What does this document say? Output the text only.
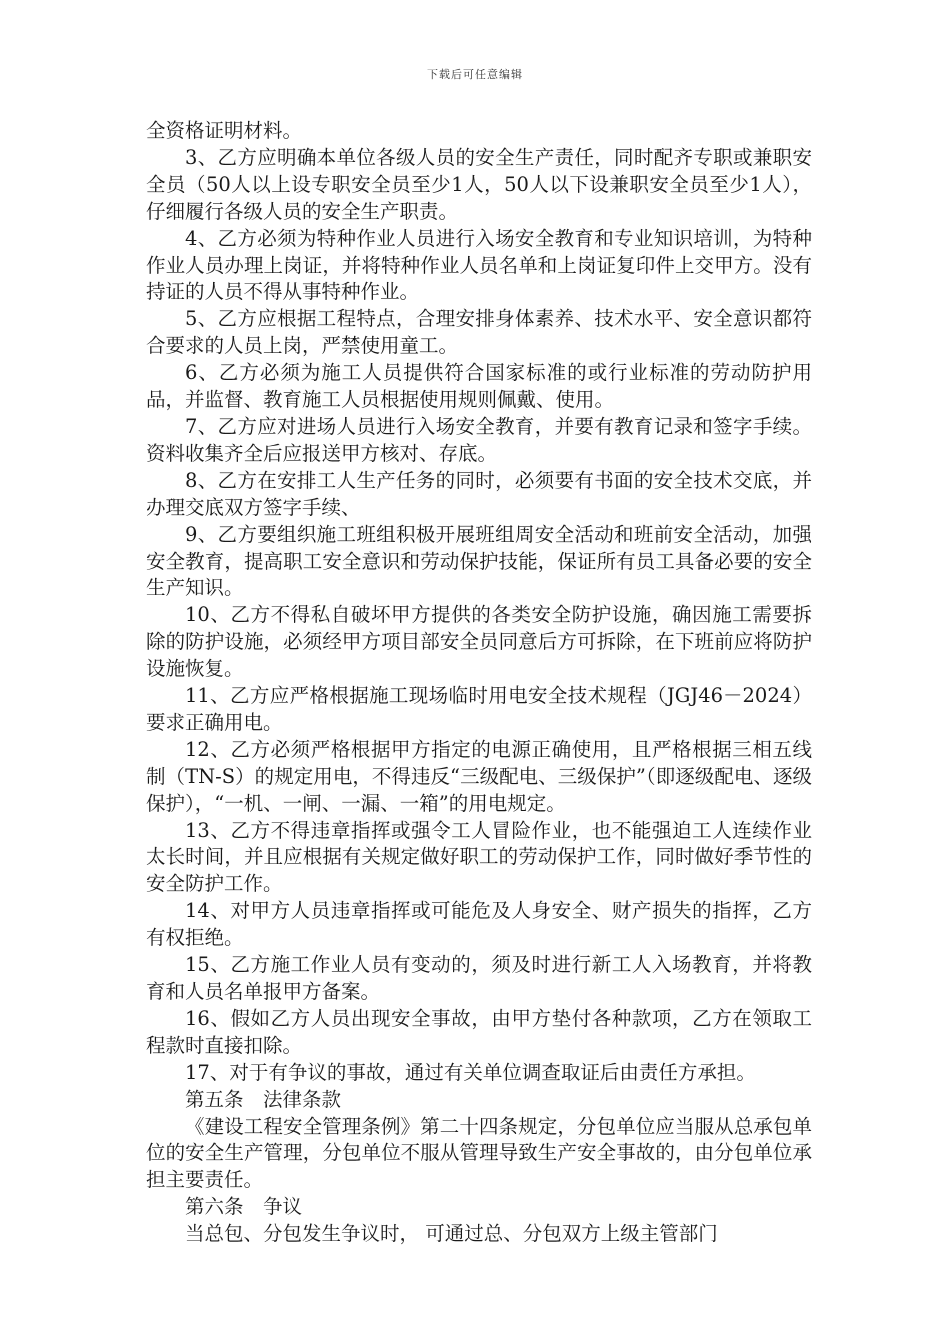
下载后可任意编辑

全资格证明材料。

3、乙方应明确本单位各级人员的安全生产责任，同时配齐专职或兼职安全员（50人以上设专职安全员至少1人，50人以下设兼职安全员至少1人），仔细履行各级人员的安全生产职责。

4、乙方必须为特种作业人员进行入场安全教育和专业知识培训，为特种作业人员办理上岗证，并将特种作业人员名单和上岗证复印件上交甲方。没有持证的人员不得从事特种作业。

5、乙方应根据工程特点，合理安排身体素养、技术水平、安全意识都符合要求的人员上岗，严禁使用童工。

6、乙方必须为施工人员提供符合国家标准的或行业标准的劳动防护用品，并监督、教育施工人员根据使用规则佩戴、使用。

7、乙方应对进场人员进行入场安全教育，并要有教育记录和签字手续。资料收集齐全后应报送甲方核对、存底。

8、乙方在安排工人生产任务的同时，必须要有书面的安全技术交底，并办理交底双方签字手续、

9、乙方要组织施工班组积极开展班组周安全活动和班前安全活动，加强安全教育，提高职工安全意识和劳动保护技能，保证所有员工具备必要的安全生产知识。

10、乙方不得私自破坏甲方提供的各类安全防护设施，确因施工需要拆除的防护设施，必须经甲方项目部安全员同意后方可拆除，在下班前应将防护设施恢复。

11、乙方应严格根据施工现场临时用电安全技术规程（JGJ46－2024）要求正确用电。

12、乙方必须严格根据甲方指定的电源正确使用，且严格根据三相五线制（TN-S）的规定用电，不得违反“三级配电、三级保护”（即逐级配电、逐级保护），“一机、一闸、一漏、一箱”的用电规定。

13、乙方不得违章指挥或强令工人冒险作业，也不能强迫工人连续作业太长时间，并且应根据有关规定做好职工的劳动保护工作，同时做好季节性的安全防护工作。

14、对甲方人员违章指挥或可能危及人身安全、财产损失的指挥，乙方有权拒绝。

15、乙方施工作业人员有变动的，须及时进行新工人入场教育，并将教育和人员名单报甲方备案。

16、假如乙方人员出现安全事故，由甲方垫付各种款项，乙方在领取工程款时直接扣除。

17、对于有争议的事故，通过有关单位调查取证后由责任方承担。

第五条　法律条款

《建设工程安全管理条例》第二十四条规定，分包单位应当服从总承包单位的安全生产管理，分包单位不服从管理导致生产安全事故的，由分包单位承担主要责任。

第六条　争议

当总包、分包发生争议时， 可通过总、分包双方上级主管部门
